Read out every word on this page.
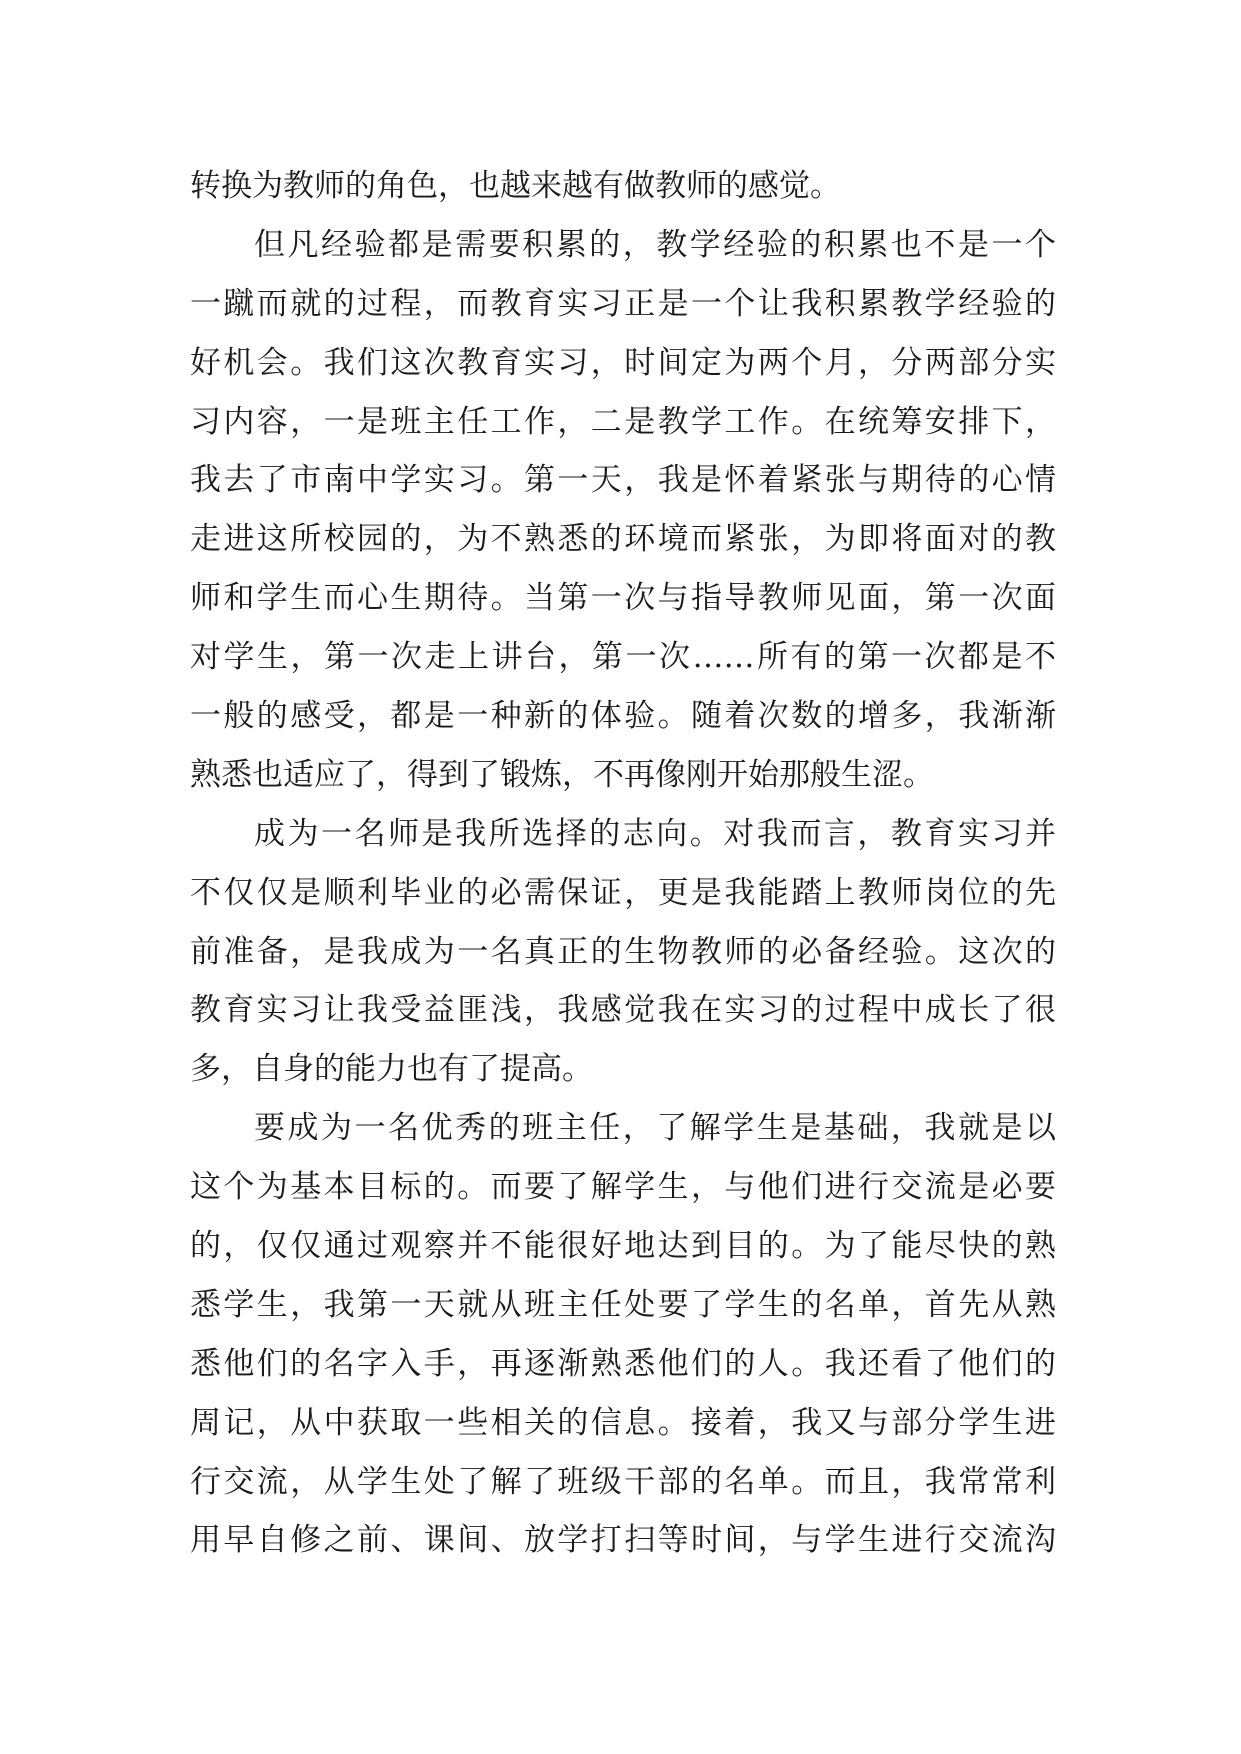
转换为教师的角色，也越来越有做教师的感觉。
但凡经验都是需要积累的，教学经验的积累也不是一个
一蹴而就的过程，而教育实习正是一个让我积累教学经验的
好机会。我们这次教育实习，时间定为两个月，分两部分实
习内容，一是班主任工作，二是教学工作。在统筹安排下，
我去了市南中学实习。第一天，我是怀着紧张与期待的心情
走进这所校园的，为不熟悉的环境而紧张，为即将面对的教
师和学生而心生期待。当第一次与指导教师见面，第一次面
对学生，第一次走上讲台，第一次……所有的第一次都是不
一般的感受，都是一种新的体验。随着次数的增多，我渐渐
熟悉也适应了，得到了锻炼，不再像刚开始那般生涩。
成为一名师是我所选择的志向。对我而言，教育实习并
不仅仅是顺利毕业的必需保证，更是我能踏上教师岗位的先
前准备，是我成为一名真正的生物教师的必备经验。这次的
教育实习让我受益匪浅，我感觉我在实习的过程中成长了很
多，自身的能力也有了提高。
要成为一名优秀的班主任，了解学生是基础，我就是以
这个为基本目标的。而要了解学生，与他们进行交流是必要
的，仅仅通过观察并不能很好地达到目的。为了能尽快的熟
悉学生，我第一天就从班主任处要了学生的名单，首先从熟
悉他们的名字入手，再逐渐熟悉他们的人。我还看了他们的
周记，从中获取一些相关的信息。接着，我又与部分学生进
行交流，从学生处了解了班级干部的名单。而且，我常常利
用早自修之前、课间、放学打扫等时间，与学生进行交流沟
